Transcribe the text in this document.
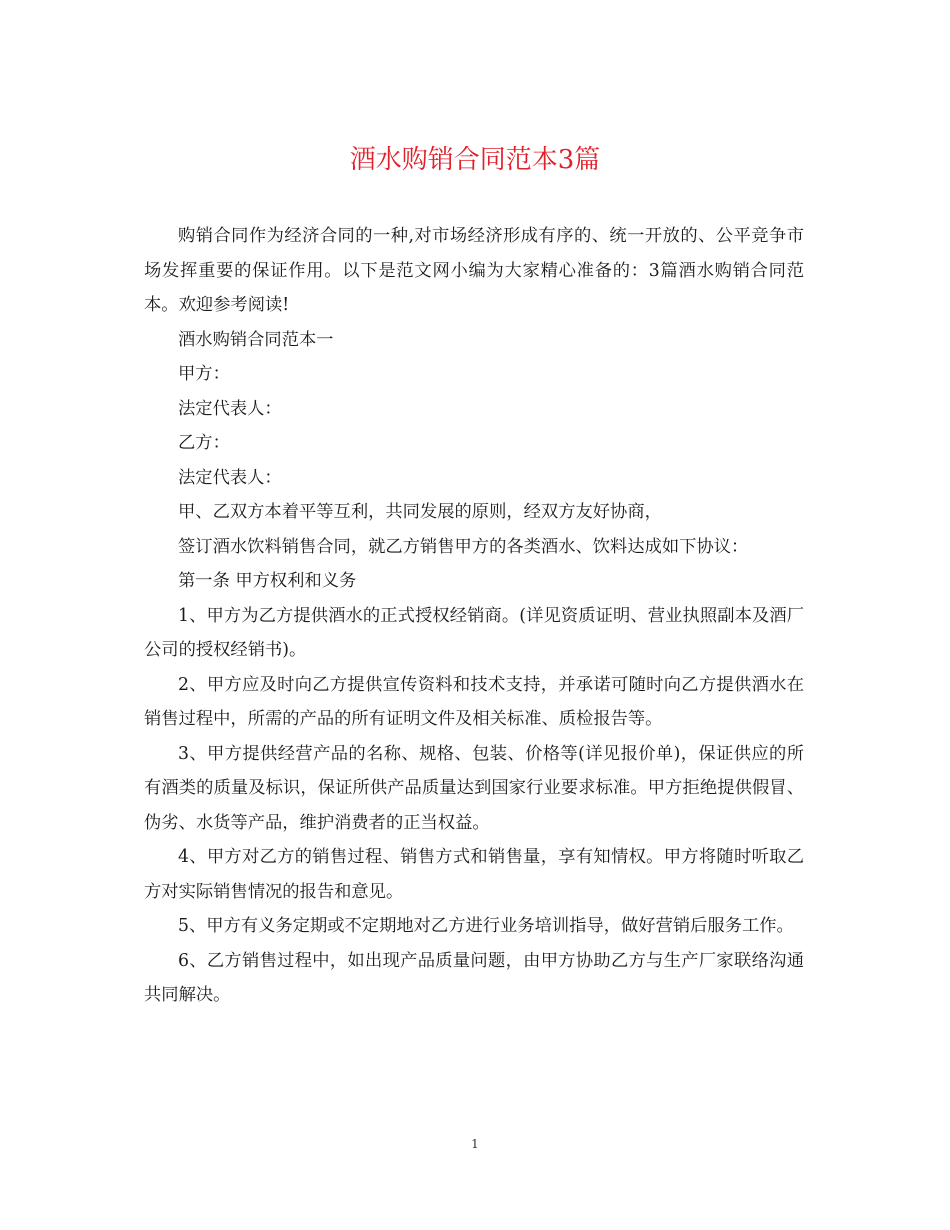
酒水购销合同范本3篇

购销合同作为经济合同的一种,对市场经济形成有序的、统一开放的、公平竞争市场发挥重要的保证作用。以下是范文网小编为大家精心准备的：3篇酒水购销合同范本。欢迎参考阅读!

酒水购销合同范本一

甲方：

法定代表人：

乙方：

法定代表人：

甲、乙双方本着平等互利，共同发展的原则，经双方友好协商，

签订酒水饮料销售合同，就乙方销售甲方的各类酒水、饮料达成如下协议：

第一条 甲方权利和义务

1、甲方为乙方提供酒水的正式授权经销商。(详见资质证明、营业执照副本及酒厂公司的授权经销书)。

2、甲方应及时向乙方提供宣传资料和技术支持，并承诺可随时向乙方提供酒水在销售过程中，所需的产品的所有证明文件及相关标准、质检报告等。

3、甲方提供经营产品的名称、规格、包装、价格等(详见报价单)，保证供应的所有酒类的质量及标识，保证所供产品质量达到国家行业要求标准。甲方拒绝提供假冒、伪劣、水货等产品，维护消费者的正当权益。

4、甲方对乙方的销售过程、销售方式和销售量，享有知情权。甲方将随时听取乙方对实际销售情况的报告和意见。

5、甲方有义务定期或不定期地对乙方进行业务培训指导，做好营销后服务工作。

6、乙方销售过程中，如出现产品质量问题，由甲方协助乙方与生产厂家联络沟通共同解决。

1
